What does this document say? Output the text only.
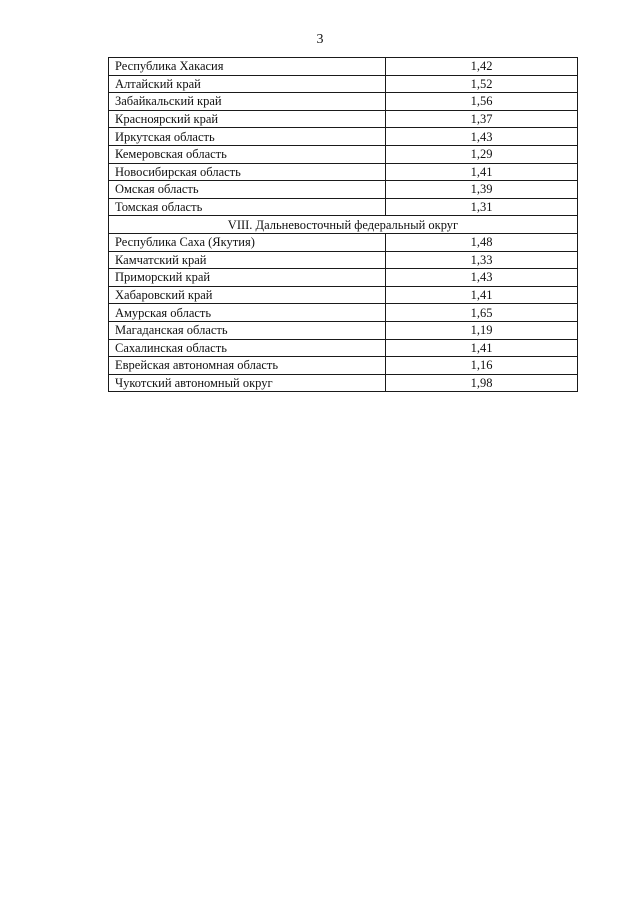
3
Республика Хакасия	1,42
Алтайский край	1,52
Забайкальский край	1,56
Красноярский край	1,37
Иркутская область	1,43
Кемеровская область	1,29
Новосибирская область	1,41
Омская область	1,39
Томская область	1,31
VIII. Дальневосточный федеральный округ	
Республика Саха (Якутия)	1,48
Камчатский край	1,33
Приморский край	1,43
Хабаровский край	1,41
Амурская область	1,65
Магаданская область	1,19
Сахалинская область	1,41
Еврейская автономная область	1,16
Чукотский автономный округ	1,98
